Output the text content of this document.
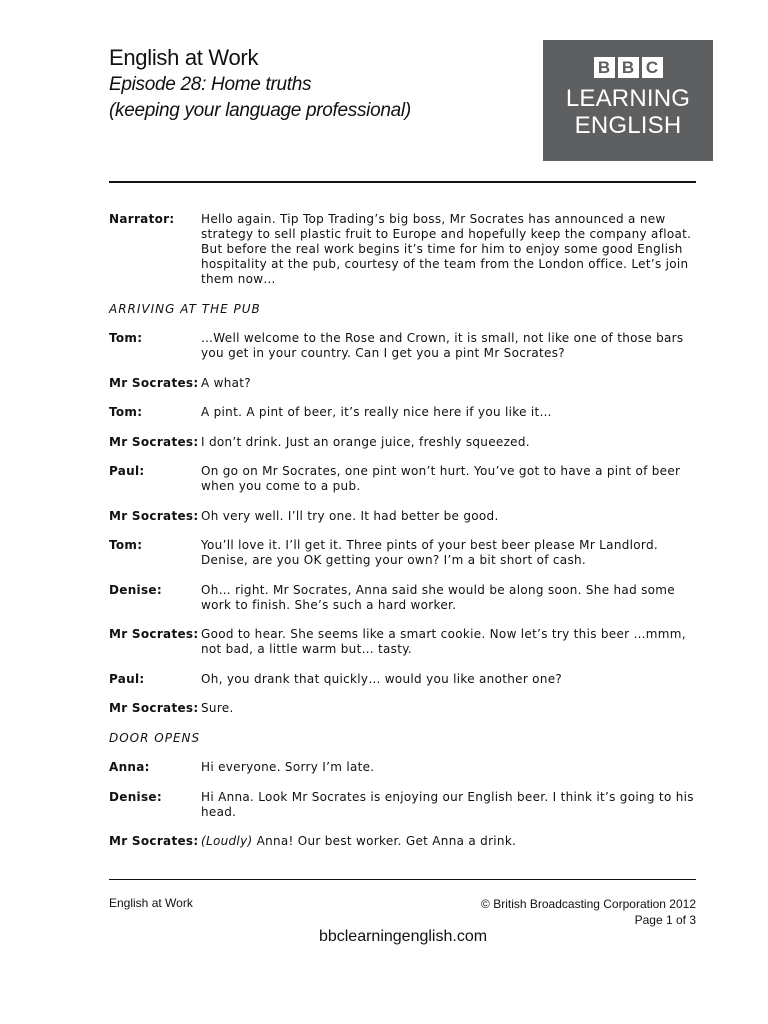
English at Work

Episode 28: Home truths

(keeping your language professional)

B B C
LEARNING
ENGLISH
Narrator:	Hello again. Tip Top Trading’s big boss, Mr Socrates has announced a new strategy to sell plastic fruit to Europe and hopefully keep the company afloat. But before the real work begins it’s time for him to enjoy some good English hospitality at the pub, courtesy of the team from the London office. Let’s join them now…
ARRIVING AT THE PUB
Tom:	…Well welcome to the Rose and Crown, it is small, not like one of those bars you get in your country. Can I get you a pint Mr Socrates?
Mr Socrates: A what?
Tom:	A pint. A pint of beer, it’s really nice here if you like it…
Mr Socrates: I don’t drink. Just an orange juice, freshly squeezed.
Paul:	On go on Mr Socrates, one pint won’t hurt. You’ve got to have a pint of beer when you come to a pub.
Mr Socrates: Oh very well. I’ll try one. It had better be good.
Tom:	You’ll love it. I’ll get it. Three pints of your best beer please Mr Landlord. Denise, are you OK getting your own? I’m a bit short of cash.
Denise:	Oh… right. Mr Socrates, Anna said she would be along soon. She had some work to finish. She’s such a hard worker.
Mr Socrates: Good to hear. She seems like a smart cookie. Now let’s try this beer …mmm, not bad, a little warm but… tasty.
Paul:	Oh, you drank that quickly… would you like another one?
Mr Socrates: Sure.
DOOR OPENS
Anna:	Hi everyone. Sorry I’m late.
Denise:	Hi Anna. Look Mr Socrates is enjoying our English beer. I think it’s going to his head.
Mr Socrates: (Loudly) Anna! Our best worker. Get Anna a drink.
English at Work	© British Broadcasting Corporation 2012
Page 1 of 3
bbclearningenglish.com
